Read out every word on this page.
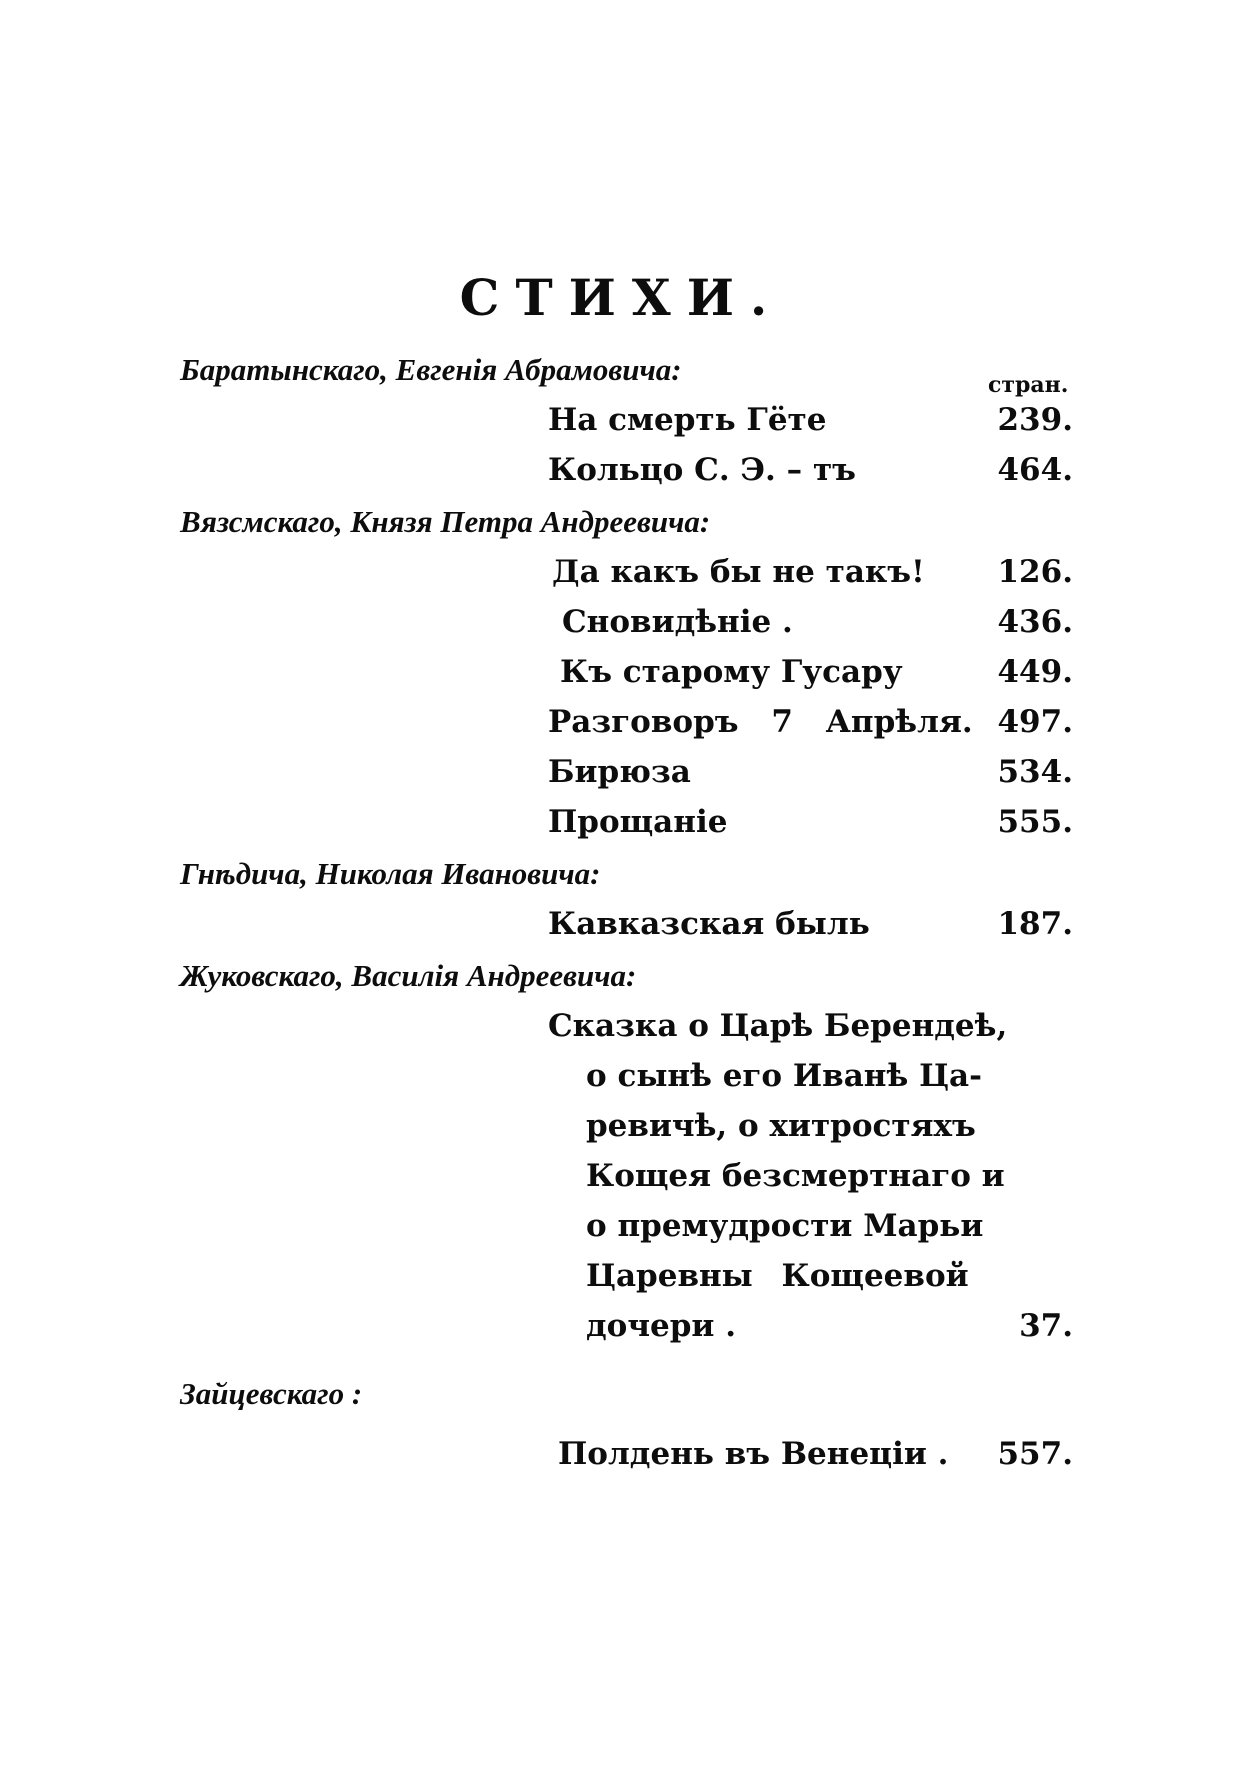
СТИХИ.
стран.
Баратынскаго, Евгенія Абрамовича:
На смерть Гёте	239.
Кольцо С. Э. – тъ	464.
Вязсмскаго, Князя Петра Андреевича:
Да какъ бы не такъ! 126.
Сновидѣніе .	436.
Къ старому Гусару	449.
Разговоръ 7 Апрѣля. 497.
Бирюза	534.
Прощаніе	555.
Гнѣдича, Николая Ивановича:
Кавказская быль	187.
Жуковскаго, Василія Андреевича:
Сказка о Царѣ Берендеѣ,
о сынѣ его Иванѣ Ца-
ревичѣ, о хитростяхъ
Кощея безсмертнаго и
о премудрости Марьи
Царевны Кощеевой
дочери .	37.
Зайцевскаго :
Полдень въ Венеціи . 557.
